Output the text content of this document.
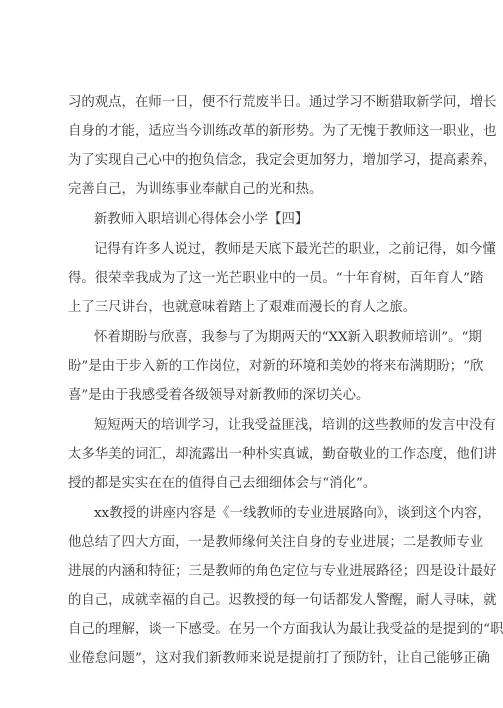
习的观点，在师一日，便不行荒废半日。通过学习不断猎取新学问，增长
自身的才能，适应当今训练改革的新形势。为了无愧于教师这一职业，也
为了实现自己心中的抱负信念，我定会更加努力，增加学习，提高素养，
完善自己，为训练事业奉献自己的光和热。
新教师入职培训心得体会小学【四】
记得有许多人说过，教师是天底下最光芒的职业，之前记得，如今懂
得。很荣幸我成为了这一光芒职业中的一员。“十年育树，百年育人”踏
上了三尺讲台，也就意味着踏上了艰难而漫长的育人之旅。
怀着期盼与欣喜，我参与了为期两天的“XX新入职教师培训”。“期
盼”是由于步入新的工作岗位，对新的环境和美妙的将来布满期盼；“欣
喜”是由于我感受着各级领导对新教师的深切关心。
短短两天的培训学习，让我受益匪浅，培训的这些教师的发言中没有
太多华美的词汇，却流露出一种朴实真诚，勤奋敬业的工作态度，他们讲
授的都是实实在在的值得自己去细细体会与“消化”。
xx教授的讲座内容是《一线教师的专业进展路向》，谈到这个内容，
他总结了四大方面，一是教师缘何关注自身的专业进展；二是教师专业
进展的内涵和特征；三是教师的角色定位与专业进展路径；四是设计最好
的自己，成就幸福的自己。迟教授的每一句话都发人警醒，耐人寻味，就
自己的理解，谈一下感受。在另一个方面我认为最让我受益的是提到的“职
业倦怠问题”，这对我们新教师来说是提前打了预防针，让自己能够正确
